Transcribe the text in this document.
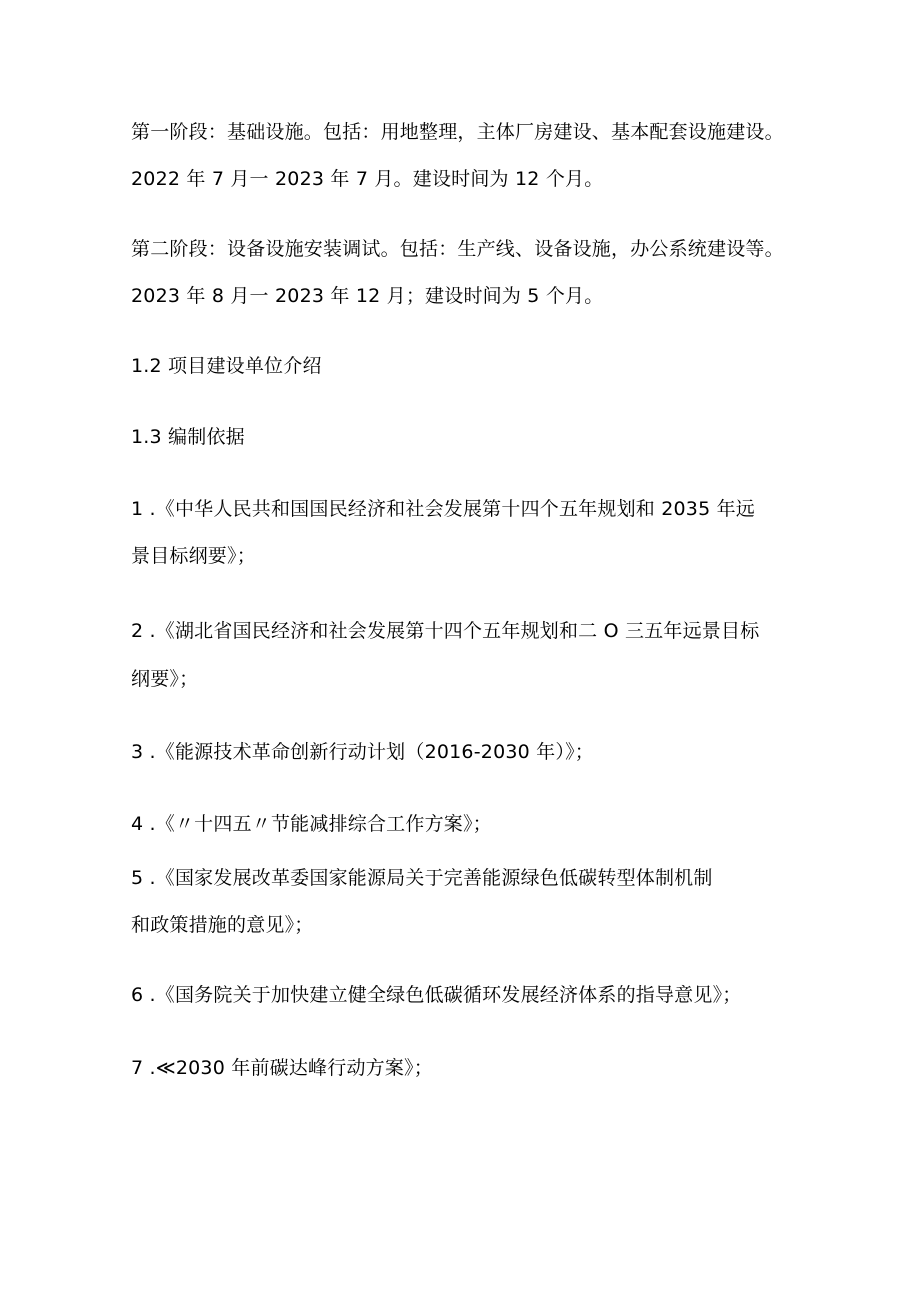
第一阶段：基础设施。包括：用地整理，主体厂房建设、基本配套设施建设。
2022 年 7 月一 2023 年 7 月。建设时间为 12 个月。
第二阶段：设备设施安装调试。包括：生产线、设备设施，办公系统建设等。
2023 年 8 月一 2023 年 12 月；建设时间为 5 个月。
1.2 项目建设单位介绍
1.3 编制依据
1 .《中华人民共和国国民经济和社会发展第十四个五年规划和 2035 年远
景目标纲要》；
2 .《湖北省国民经济和社会发展第十四个五年规划和二 O 三五年远景目标
纲要》；
3 .《能源技术革命创新行动计划（2016-2030 年）》；
4 .《〃十四五〃节能减排综合工作方案》；
5 .《国家发展改革委国家能源局关于完善能源绿色低碳转型体制机制
和政策措施的意见》；
6 .《国务院关于加快建立健全绿色低碳循环发展经济体系的指导意见》；
7 .≪2030 年前碳达峰行动方案》；
